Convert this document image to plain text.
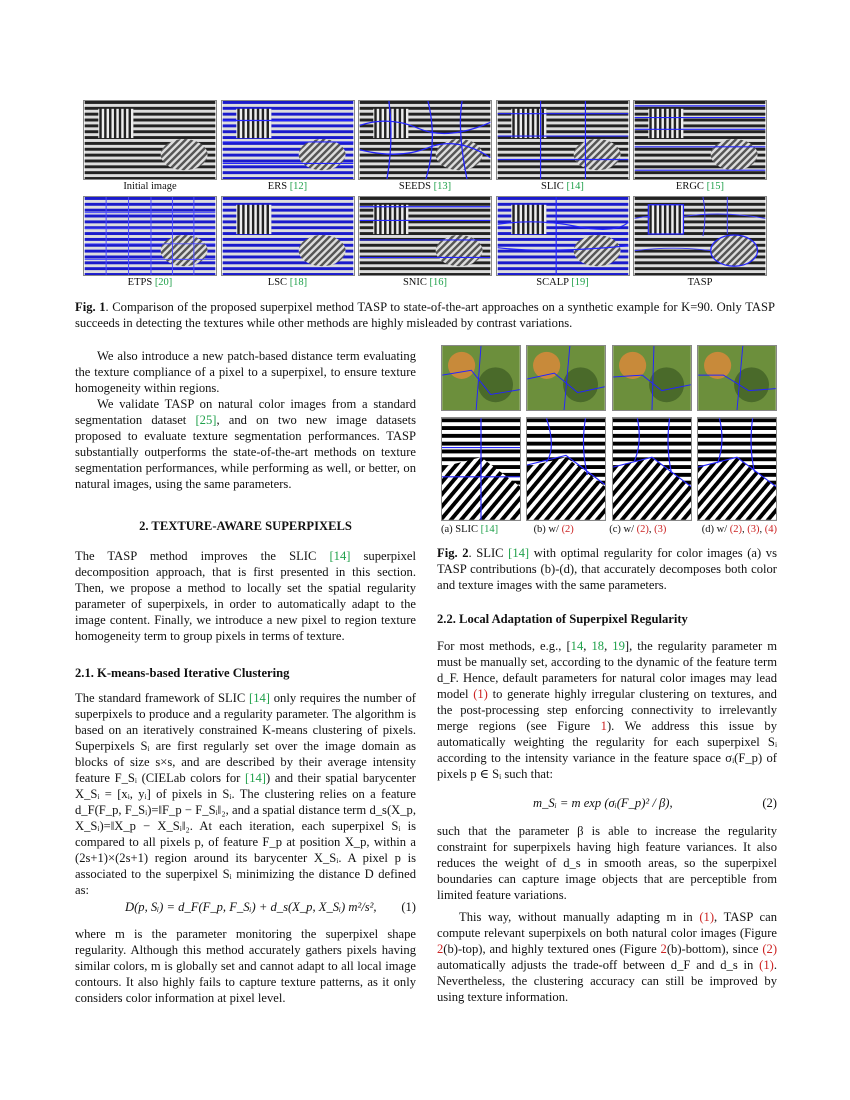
Initial image	ERS [12]	SEEDS [13]	SLIC [14]	ERGC [15]
ETPS [20]	LSC [18]	SNIC [16]	SCALP [19]	TASP
Fig. 1. Comparison of the proposed superpixel method TASP to state-of-the-art approaches on a synthetic example for K=90. Only TASP succeeds in detecting the textures while other methods are highly misleaded by contrast variations.

We also introduce a new patch-based distance term evaluating the texture compliance of a pixel to a superpixel, to ensure texture homogeneity within regions.

We validate TASP on natural color images from a standard segmentation dataset [25], and on two new image datasets proposed to evaluate texture segmentation performances. TASP substantially outperforms the state-of-the-art methods on texture segmentation performances, while performing as well, or better, on natural images, using the same parameters.

2. TEXTURE-AWARE SUPERPIXELS

The TASP method improves the SLIC [14] superpixel decomposition approach, that is first presented in this section. Then, we propose a method to locally set the spatial regularity parameter of superpixels, in order to automatically adapt to the image content. Finally, we introduce a new pixel to region texture homogeneity term to group pixels in terms of texture.

2.1. K-means-based Iterative Clustering

The standard framework of SLIC [14] only requires the number of superpixels to produce and a regularity parameter. The algorithm is based on an iteratively constrained K-means clustering of pixels. Superpixels Sᵢ are first regularly set over the image domain as blocks of size s×s, and are described by their average intensity feature F_Sᵢ (CIELab colors for [14]) and their spatial barycenter X_Sᵢ = [xᵢ, yᵢ] of pixels in Sᵢ. The clustering relies on a feature d_F(F_p, F_Sᵢ)=‖F_p − F_Sᵢ‖₂, and a spatial distance term d_s(X_p, X_Sᵢ)=‖X_p − X_Sᵢ‖₂. At each iteration, each superpixel Sᵢ is compared to all pixels p, of feature F_p at position X_p, within a (2s+1)×(2s+1) region around its barycenter X_Sᵢ. A pixel p is associated to the superpixel Sᵢ minimizing the distance D defined as:

D(p, Sᵢ) = d_F(F_p, F_Sᵢ) + d_s(X_p, X_Sᵢ) m²/s², (1)

where m is the parameter monitoring the superpixel shape regularity. Although this method accurately gathers pixels having similar colors, m is globally set and cannot adapt to all local image contours. It also highly fails to capture texture patterns, as it only considers color information at pixel level.

(a) SLIC [14]	(b) w/ (2)	(c) w/ (2), (3)	(d) w/ (2), (3), (4)
Fig. 2. SLIC [14] with optimal regularity for color images (a) vs TASP contributions (b)-(d), that accurately decomposes both color and texture images with the same parameters.
2.2. Local Adaptation of Superpixel Regularity

For most methods, e.g., [14, 18, 19], the regularity parameter m must be manually set, according to the dynamic of the feature term d_F. Hence, default parameters for natural color images may lead model (1) to generate highly irregular clustering on textures, and the post-processing step enforcing connectivity to irrelevantly merge regions (see Figure 1). We address this issue by automatically weighting the regularity for each superpixel Sᵢ according to the intensity variance in the feature space σᵢ(F_p) of pixels p ∈ Sᵢ such that:

m_Sᵢ = m exp (σᵢ(F_p)² / β),	(2)

such that the parameter β is able to increase the regularity constraint for superpixels having high feature variances. It also reduces the weight of d_s in smooth areas, so the superpixel boundaries can capture image objects that are perceptible from limited feature variations.

This way, without manually adapting m in (1), TASP can compute relevant superpixels on both natural color images (Figure 2(b)-top), and highly textured ones (Figure 2(b)-bottom), since (2) automatically adjusts the trade-off between d_F and d_s in (1). Nevertheless, the clustering accuracy can still be improved by using texture information.
